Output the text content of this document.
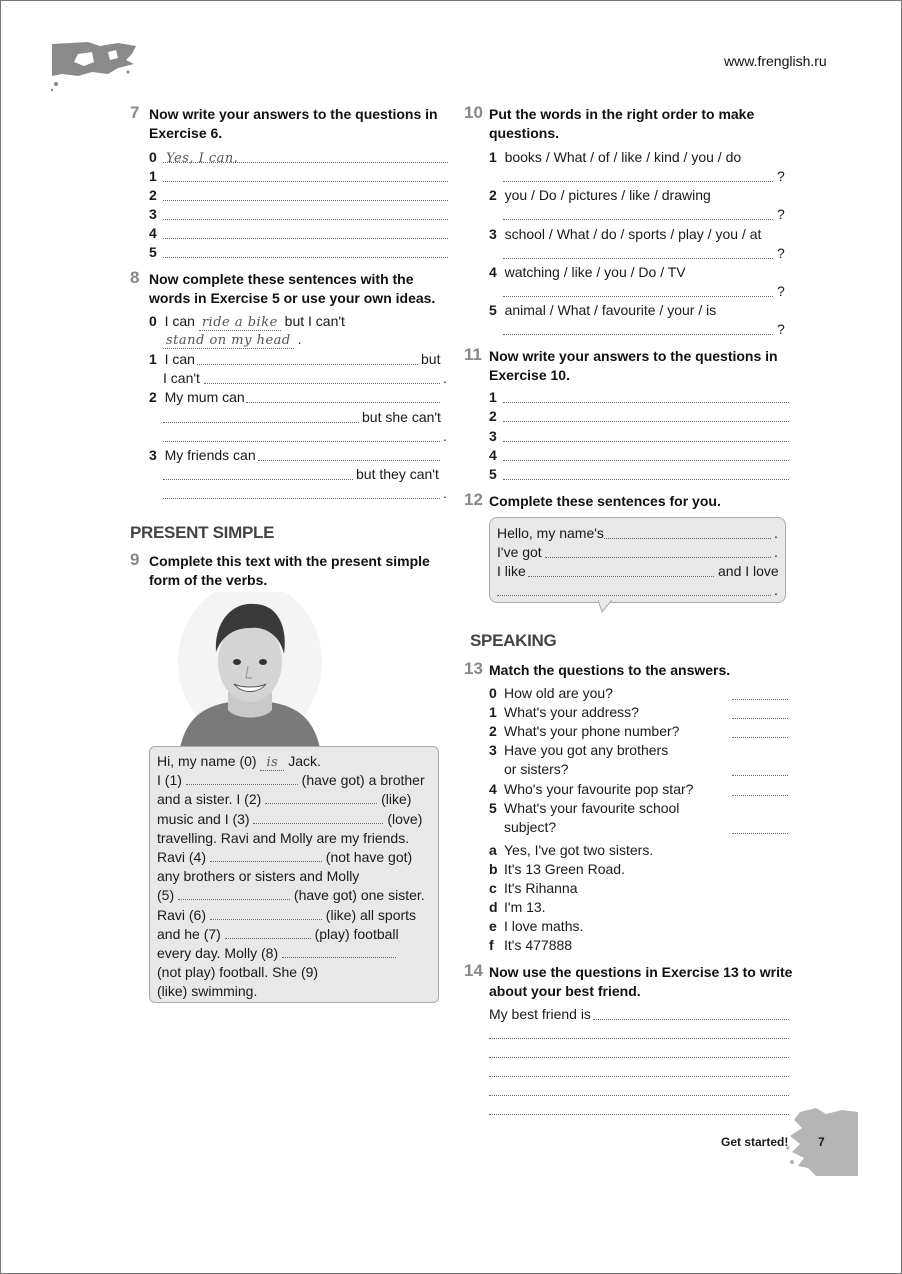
www.frenglish.ru
7 Now write your answers to the questions in
Exercise 6.
0 Yes, I can.
1
2
3
4
5
8 Now complete these sentences with the
words in Exercise 5 or use your own ideas.
0 I can ride a bike but I can't
stand on my head .
1 I can	but
I can't	.
2 My mum can
but she can't
.
3 My friends can
but they can't
.
PRESENT SIMPLE
9 Complete this text with the present simple
form of the verbs.
Hi, my name (0) is Jack.
I (1)	(have got) a brother
and a sister. I (2)	(like)
music and I (3)	(love)
travelling. Ravi and Molly are my friends.
Ravi (4)	(not have got)
any brothers or sisters and Molly
(5)	(have got) one sister.
Ravi (6)	(like) all sports
and he (7)	(play) football
every day. Molly (8)
(not play) football. She (9)
(like) swimming.
10 Put the words in the right order to make
questions.
1 books / What / of / like / kind / you / do
?
2 you / Do / pictures / like / drawing
?
3 school / What / do / sports / play / you / at
?
4 watching / like / you / Do / TV
?
5 animal / What / favourite / your / is
?
11 Now write your answers to the questions in
Exercise 10.
1
2
3
4
5
12 Complete these sentences for you.
Hello, my name's	.
I've got	.
I like	and I love
.
SPEAKING
13 Match the questions to the answers.
0 How old are you?
1 What's your address?
2 What's your phone number?
3 Have you got any brothers
or sisters?
4 Who's your favourite pop star?
5 What's your favourite school
subject?
a Yes, I've got two sisters.
b It's 13 Green Road.
c It's Rihanna
d I'm 13.
e I love maths.
f It's 477888
14 Now use the questions in Exercise 13 to write
about your best friend.
My best friend is
Get started! 7
